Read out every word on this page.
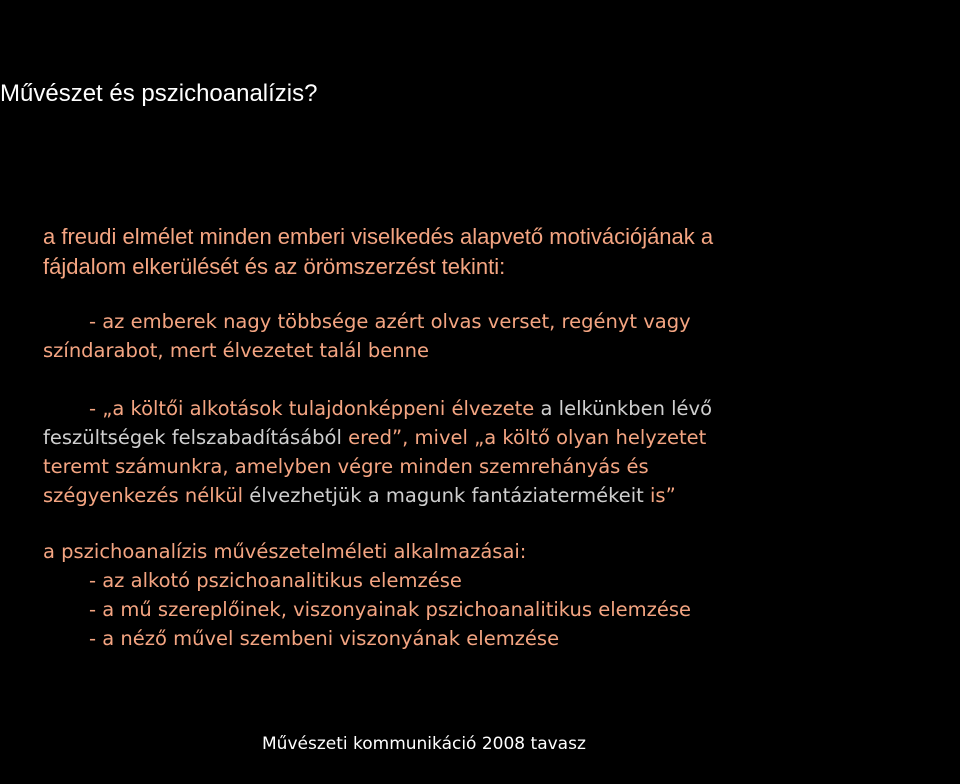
Művészet és pszichoanalízis?

a freudi elmélet minden emberi viselkedés alapvető motivációjának a
fájdalom elkerülését és az örömszerzést tekinti:

- az emberek nagy többsége azért olvas verset, regényt vagy
színdarabot, mert élvezetet talál benne

- „a költői alkotások tulajdonképpeni élvezete a lelkünkben lévő
feszültségek felszabadításából ered”, mivel „a költő olyan helyzetet
teremt számunkra, amelyben végre minden szemrehányás és
szégyenkezés nélkül élvezhetjük a magunk fantáziatermékeit is”

a pszichoanalízis művészetelméleti alkalmazásai:
- az alkotó pszichoanalitikus elemzése
- a mű szereplőinek, viszonyainak pszichoanalitikus elemzése
- a néző művel szembeni viszonyának elemzése

Művészeti kommunikáció 2008 tavasz
